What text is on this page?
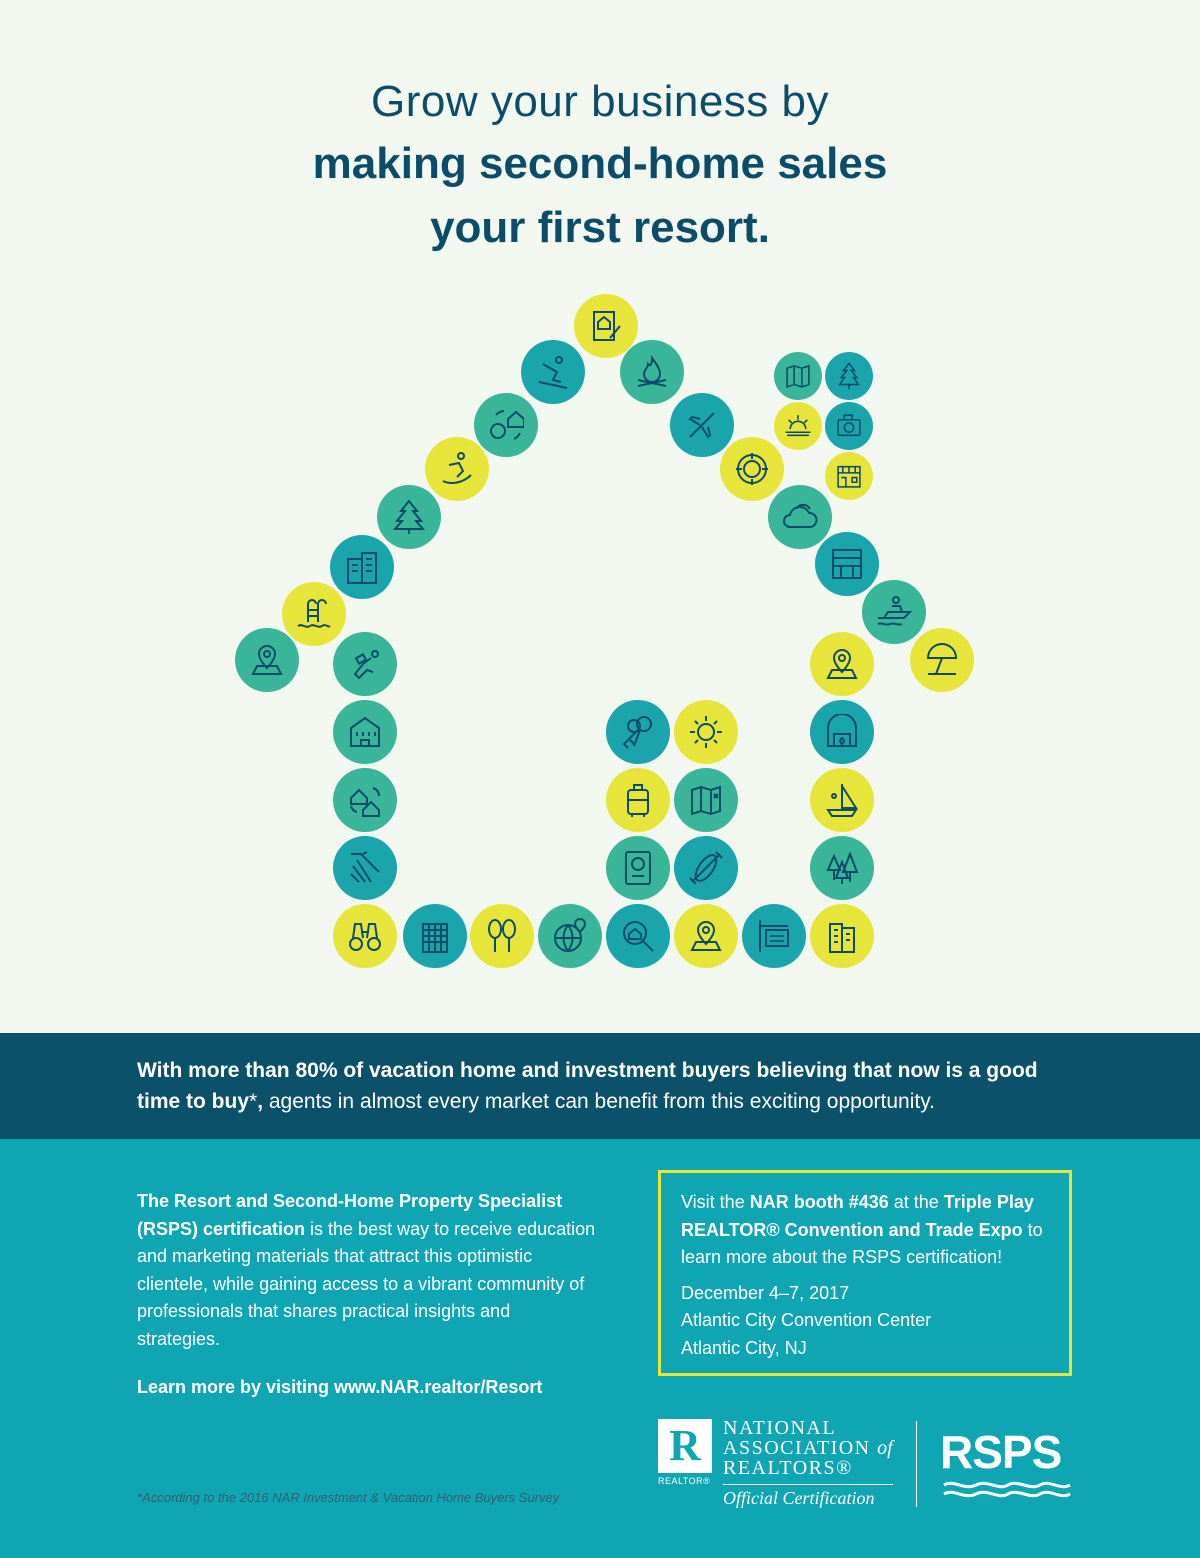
Grow your business by
making second-home sales
your first resort.

With more than 80% of vacation home and investment buyers believing that now is a good time to buy*, agents in almost every market can benefit from this exciting opportunity.

The Resort and Second-Home Property Specialist (RSPS) certification is the best way to receive education and marketing materials that attract this optimistic clientele, while gaining access to a vibrant community of professionals that shares practical insights and strategies.

Learn more by visiting www.NAR.realtor/Resort
*According to the 2016 NAR Investment & Vacation Home Buyers Survey

Visit the NAR booth #436 at the Triple Play REALTOR® Convention and Trade Expo to learn more about the RSPS certification!

December 4–7, 2017
Atlantic City Convention Center
Atlantic City, NJ
R
REALTOR®
NATIONAL
ASSOCIATION of
REALTORS®
Official Certification
RSPS
